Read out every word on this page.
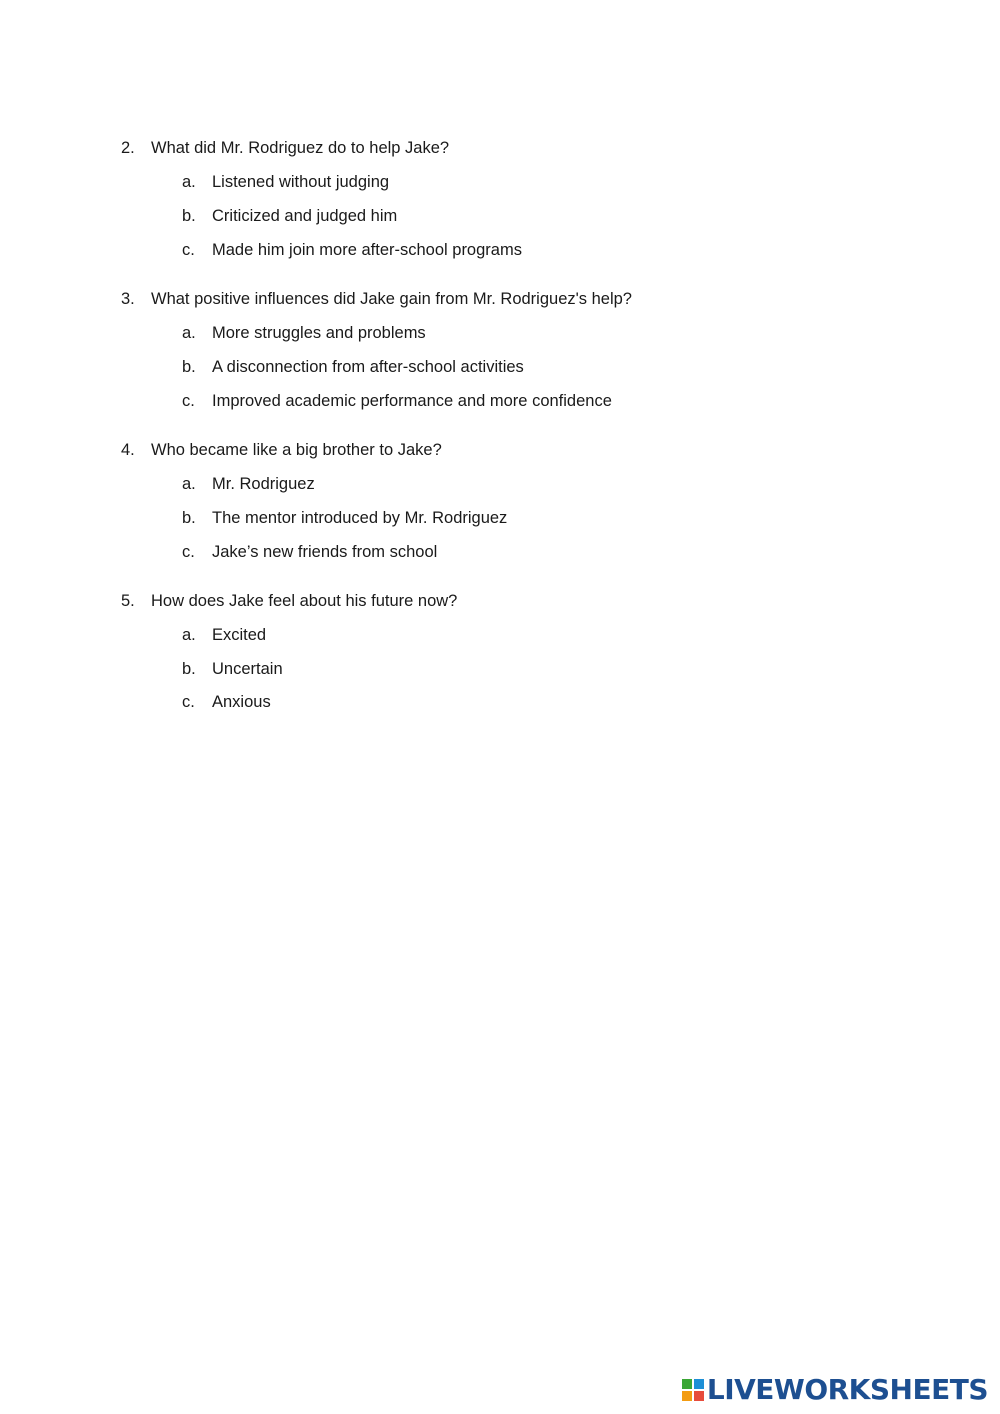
2. What did Mr. Rodriguez do to help Jake?
a. Listened without judging
b. Criticized and judged him
c. Made him join more after-school programs
3. What positive influences did Jake gain from Mr. Rodriguez's help?
a. More struggles and problems
b. A disconnection from after-school activities
c. Improved academic performance and more confidence
4. Who became like a big brother to Jake?
a. Mr. Rodriguez
b. The mentor introduced by Mr. Rodriguez
c. Jake’s new friends from school
5. How does Jake feel about his future now?
a. Excited
b. Uncertain
c. Anxious
LIVEWORKSHEETS
